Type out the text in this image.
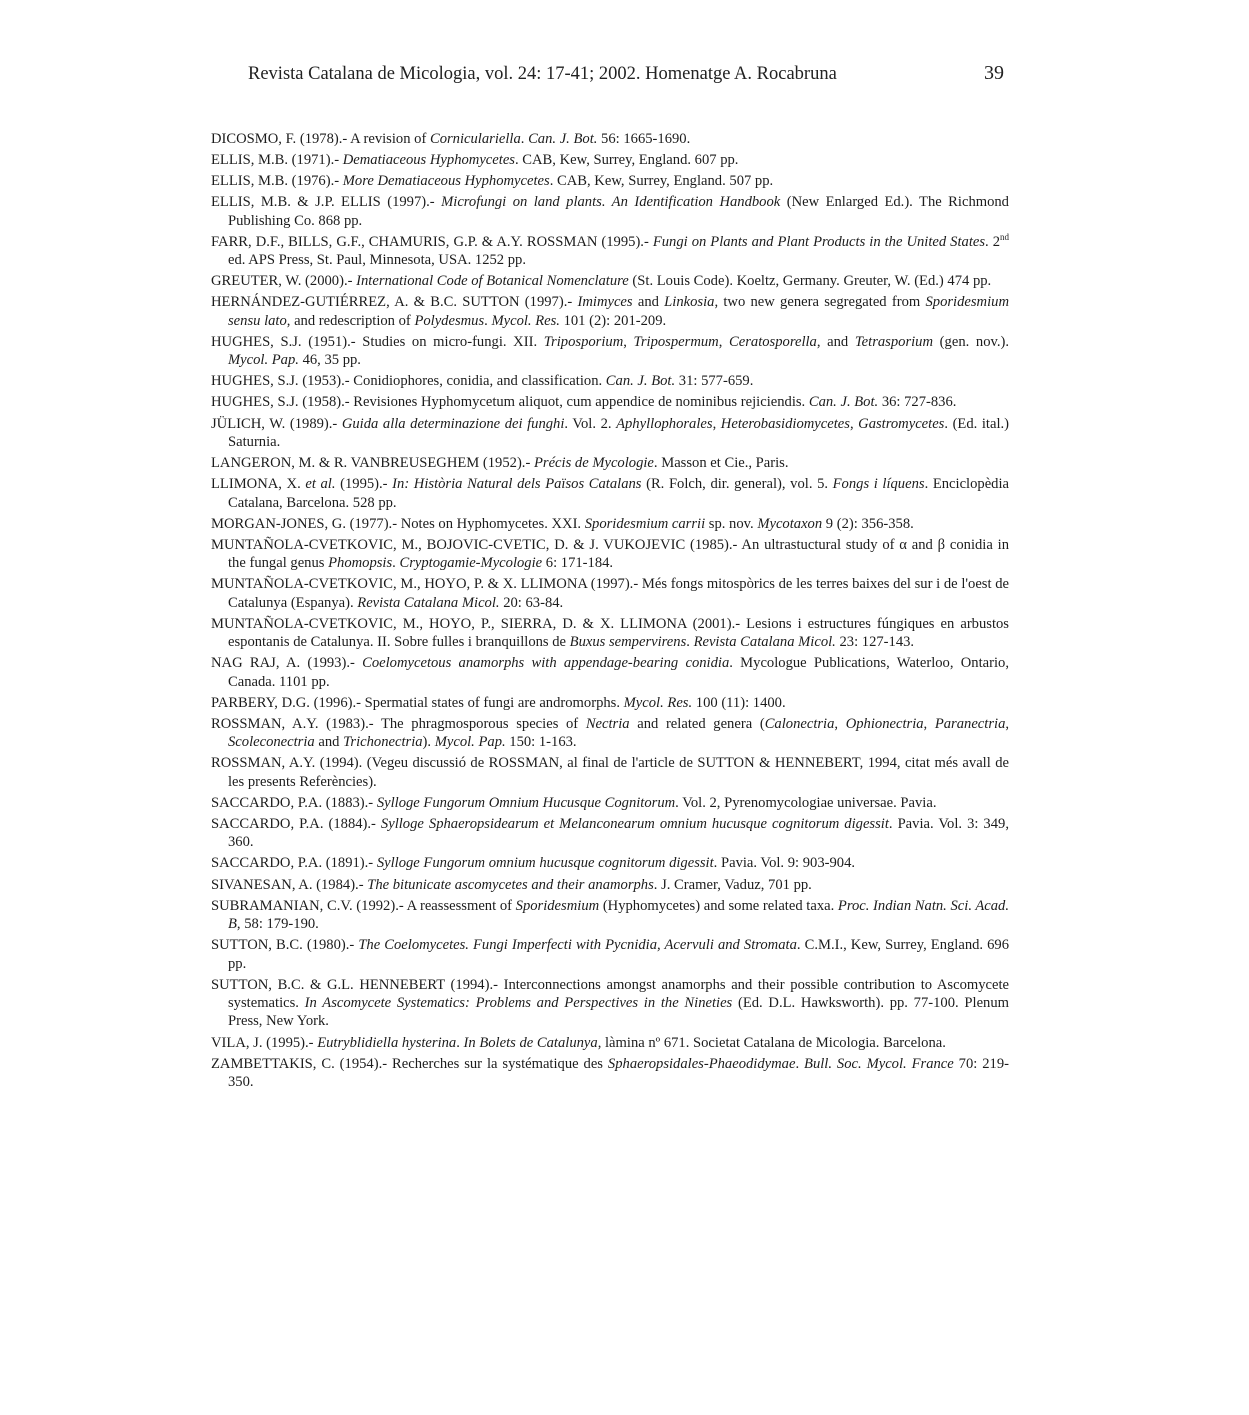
Revista Catalana de Micologia, vol. 24: 17-41; 2002. Homenatge A. Rocabruna	39
DICOSMO, F. (1978).- A revision of Corniculariella. Can. J. Bot. 56: 1665-1690.
ELLIS, M.B. (1971).- Dematiaceous Hyphomycetes. CAB, Kew, Surrey, England. 607 pp.
ELLIS, M.B. (1976).- More Dematiaceous Hyphomycetes. CAB, Kew, Surrey, England. 507 pp.
ELLIS, M.B. & J.P. ELLIS (1997).- Microfungi on land plants. An Identification Handbook (New Enlarged Ed.). The Richmond Publishing Co. 868 pp.
FARR, D.F., BILLS, G.F., CHAMURIS, G.P. & A.Y. ROSSMAN (1995).- Fungi on Plants and Plant Products in the United States. 2nd ed. APS Press, St. Paul, Minnesota, USA. 1252 pp.
GREUTER, W. (2000).- International Code of Botanical Nomenclature (St. Louis Code). Koeltz, Germany. Greuter, W. (Ed.) 474 pp.
HERNÁNDEZ-GUTIÉRREZ, A. & B.C. SUTTON (1997).- Imimyces and Linkosia, two new genera segregated from Sporidesmium sensu lato, and redescription of Polydesmus. Mycol. Res. 101 (2): 201-209.
HUGHES, S.J. (1951).- Studies on micro-fungi. XII. Triposporium, Tripospermum, Ceratosporella, and Tetrasporium (gen. nov.). Mycol. Pap. 46, 35 pp.
HUGHES, S.J. (1953).- Conidiophores, conidia, and classification. Can. J. Bot. 31: 577-659.
HUGHES, S.J. (1958).- Revisiones Hyphomycetum aliquot, cum appendice de nominibus rejiciendis. Can. J. Bot. 36: 727-836.
JÜLICH, W. (1989).- Guida alla determinazione dei funghi. Vol. 2. Aphyllophorales, Heterobasidiomycetes, Gastromycetes. (Ed. ital.) Saturnia.
LANGERON, M. & R. VANBREUSEGHEM (1952).- Précis de Mycologie. Masson et Cie., Paris.
LLIMONA, X. et al. (1995).- In: Història Natural dels Països Catalans (R. Folch, dir. general), vol. 5. Fongs i líquens. Enciclopèdia Catalana, Barcelona. 528 pp.
MORGAN-JONES, G. (1977).- Notes on Hyphomycetes. XXI. Sporidesmium carrii sp. nov. Mycotaxon 9 (2): 356-358.
MUNTAÑOLA-CVETKOVIC, M., BOJOVIC-CVETIC, D. & J. VUKOJEVIC (1985).- An ultrastuctural study of α and β conidia in the fungal genus Phomopsis. Cryptogamie-Mycologie 6: 171-184.
MUNTAÑOLA-CVETKOVIC, M., HOYO, P. & X. LLIMONA (1997).- Més fongs mitospòrics de les terres baixes del sur i de l'oest de Catalunya (Espanya). Revista Catalana Micol. 20: 63-84.
MUNTAÑOLA-CVETKOVIC, M., HOYO, P., SIERRA, D. & X. LLIMONA (2001).- Lesions i estructures fúngiques en arbustos espontanis de Catalunya. II. Sobre fulles i branquillons de Buxus sempervirens. Revista Catalana Micol. 23: 127-143.
NAG RAJ, A. (1993).- Coelomycetous anamorphs with appendage-bearing conidia. Mycologue Publications, Waterloo, Ontario, Canada. 1101 pp.
PARBERY, D.G. (1996).- Spermatial states of fungi are andromorphs. Mycol. Res. 100 (11): 1400.
ROSSMAN, A.Y. (1983).- The phragmosporous species of Nectria and related genera (Calonectria, Ophionectria, Paranectria, Scoleconectria and Trichonectria). Mycol. Pap. 150: 1-163.
ROSSMAN, A.Y. (1994). (Vegeu discussió de ROSSMAN, al final de l'article de SUTTON & HENNEBERT, 1994, citat més avall de les presents Referències).
SACCARDO, P.A. (1883).- Sylloge Fungorum Omnium Hucusque Cognitorum. Vol. 2, Pyrenomycologiae universae. Pavia.
SACCARDO, P.A. (1884).- Sylloge Sphaeropsidearum et Melanconearum omnium hucusque cognitorum digessit. Pavia. Vol. 3: 349, 360.
SACCARDO, P.A. (1891).- Sylloge Fungorum omnium hucusque cognitorum digessit. Pavia. Vol. 9: 903-904.
SIVANESAN, A. (1984).- The bitunicate ascomycetes and their anamorphs. J. Cramer, Vaduz, 701 pp.
SUBRAMANIAN, C.V. (1992).- A reassessment of Sporidesmium (Hyphomycetes) and some related taxa. Proc. Indian Natn. Sci. Acad. B, 58: 179-190.
SUTTON, B.C. (1980).- The Coelomycetes. Fungi Imperfecti with Pycnidia, Acervuli and Stromata. C.M.I., Kew, Surrey, England. 696 pp.
SUTTON, B.C. & G.L. HENNEBERT (1994).- Interconnections amongst anamorphs and their possible contribution to Ascomycete systematics. In Ascomycete Systematics: Problems and Perspectives in the Nineties (Ed. D.L. Hawksworth). pp. 77-100. Plenum Press, New York.
VILA, J. (1995).- Eutryblidiella hysterina. In Bolets de Catalunya, làmina nº 671. Societat Catalana de Micologia. Barcelona.
ZAMBETTAKIS, C. (1954).- Recherches sur la systématique des Sphaeropsidales-Phaeodidymae. Bull. Soc. Mycol. France 70: 219-350.
